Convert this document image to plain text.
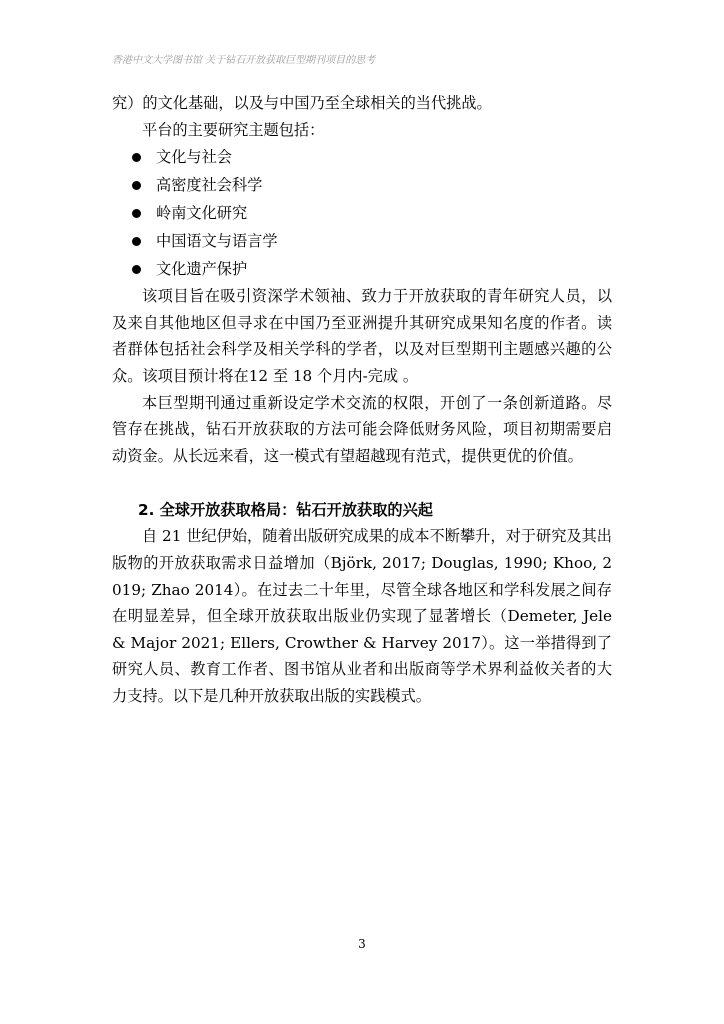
香港中文大学图书馆 关于钻石开放获取巨型期刊项目的思考

究）的文化基础，以及与中国乃至全球相关的当代挑战。

平台的主要研究主题包括：

文化与社会
高密度社会科学
岭南文化研究
中国语文与语言学
文化遗产保护

该项目旨在吸引资深学术领袖、致力于开放获取的青年研究人员，以及来自其他地区但寻求在中国乃至亚洲提升其研究成果知名度的作者。读者群体包括社会科学及相关学科的学者，以及对巨型期刊主题感兴趣的公众。该项目预计将在12 至 18 个月内-完成 。

本巨型期刊通过重新设定学术交流的权限，开创了一条创新道路。尽管存在挑战，钻石开放获取的方法可能会降低财务风险，项目初期需要启动资金。从长远来看，这一模式有望超越现有范式，提供更优的价值。

2. 全球开放获取格局：钻石开放获取的兴起

自 21 世纪伊始，随着出版研究成果的成本不断攀升，对于研究及其出版物的开放获取需求日益增加（Björk, 2017; Douglas, 1990; Khoo, 2019; Zhao 2014）。在过去二十年里，尽管全球各地区和学科发展之间存在明显差异，但全球开放获取出版业仍实现了显著增长（Demeter, Jele & Major 2021; Ellers, Crowther & Harvey 2017）。这一举措得到了研究人员、教育工作者、图书馆从业者和出版商等学术界利益攸关者的大力支持。以下是几种开放获取出版的实践模式。

3
